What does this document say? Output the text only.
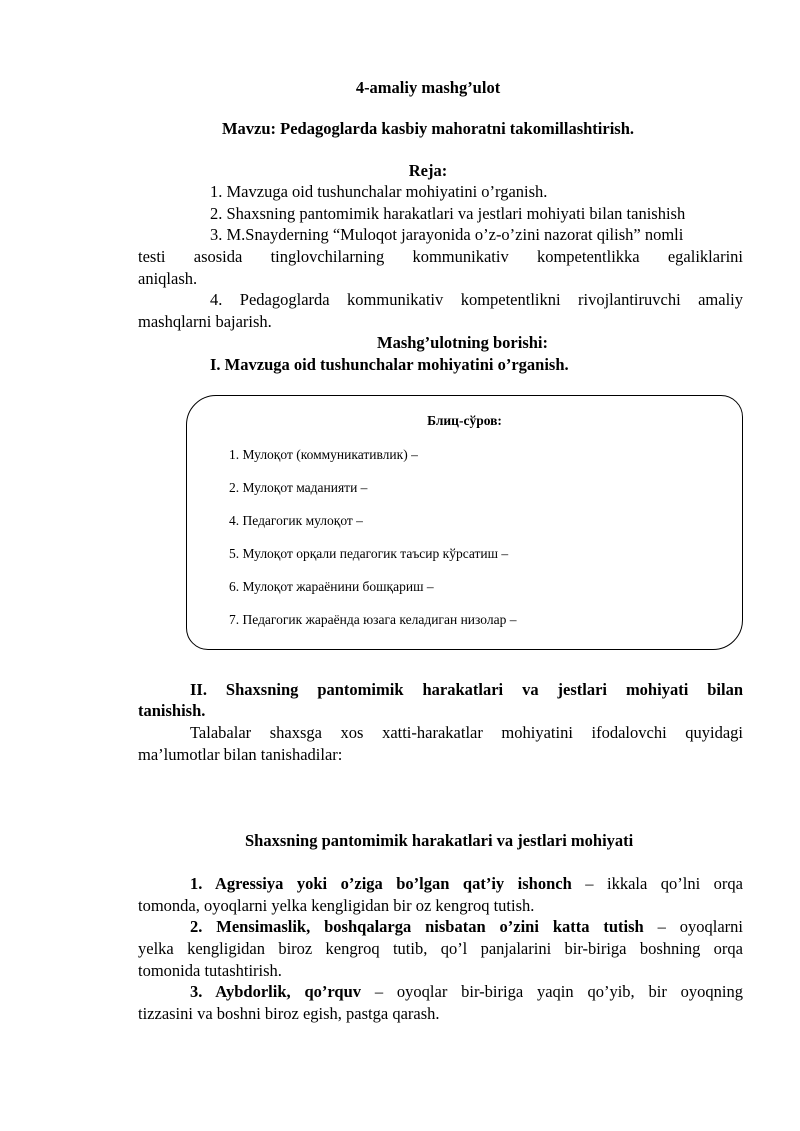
4-amaliy mashg’ulot
Mavzu: Pedagoglarda kasbiy mahoratni takomillashtirish.
Reja:
1. Mavzuga oid tushunchalar mohiyatini o’rganish.
2. Shaxsning pantomimik harakatlari va jestlari mohiyati bilan tanishish
3. M.Snayderning “Muloqot jarayonida o’z-o’zini nazorat qilish” nomli
testi asosida tinglovchilarning kommunikativ kompetentlikka egaliklarini
aniqlash.
4. Pedagoglarda kommunikativ kompetentlikni rivojlantiruvchi amaliy
mashqlarni bajarish.
Mashg’ulotning borishi:
I. Mavzuga oid tushunchalar mohiyatini o’rganish.
Блиц-сўров:
1. Мулоқот (коммуникативлик) –
2. Мулоқот маданияти –
4. Педагогик мулоқот –
5. Мулоқот орқали педагогик таъсир кўрсатиш –
6. Мулоқот жараёнини бошқариш –
7. Педагогик жараёнда юзага келадиган низолар –
II. Shaxsning pantomimik harakatlari va jestlari mohiyati bilan
tanishish.
Talabalar shaxsga xos xatti-harakatlar mohiyatini ifodalovchi quyidagi
ma’lumotlar bilan tanishadilar:
Shaxsning pantomimik harakatlari va jestlari mohiyati
1. Agressiya yoki o’ziga bo’lgan qat’iy ishonch – ikkala qo’lni orqa
tomonda, oyoqlarni yelka kengligidan bir oz kengroq tutish.
2. Mensimaslik, boshqalarga nisbatan o’zini katta tutish – oyoqlarni
yelka kengligidan biroz kengroq tutib, qo’l panjalarini bir-biriga boshning orqa
tomonida tutashtirish.
3. Aybdorlik, qo’rquv – oyoqlar bir-biriga yaqin qo’yib, bir oyoqning
tizzasini va boshni biroz egish, pastga qarash.
